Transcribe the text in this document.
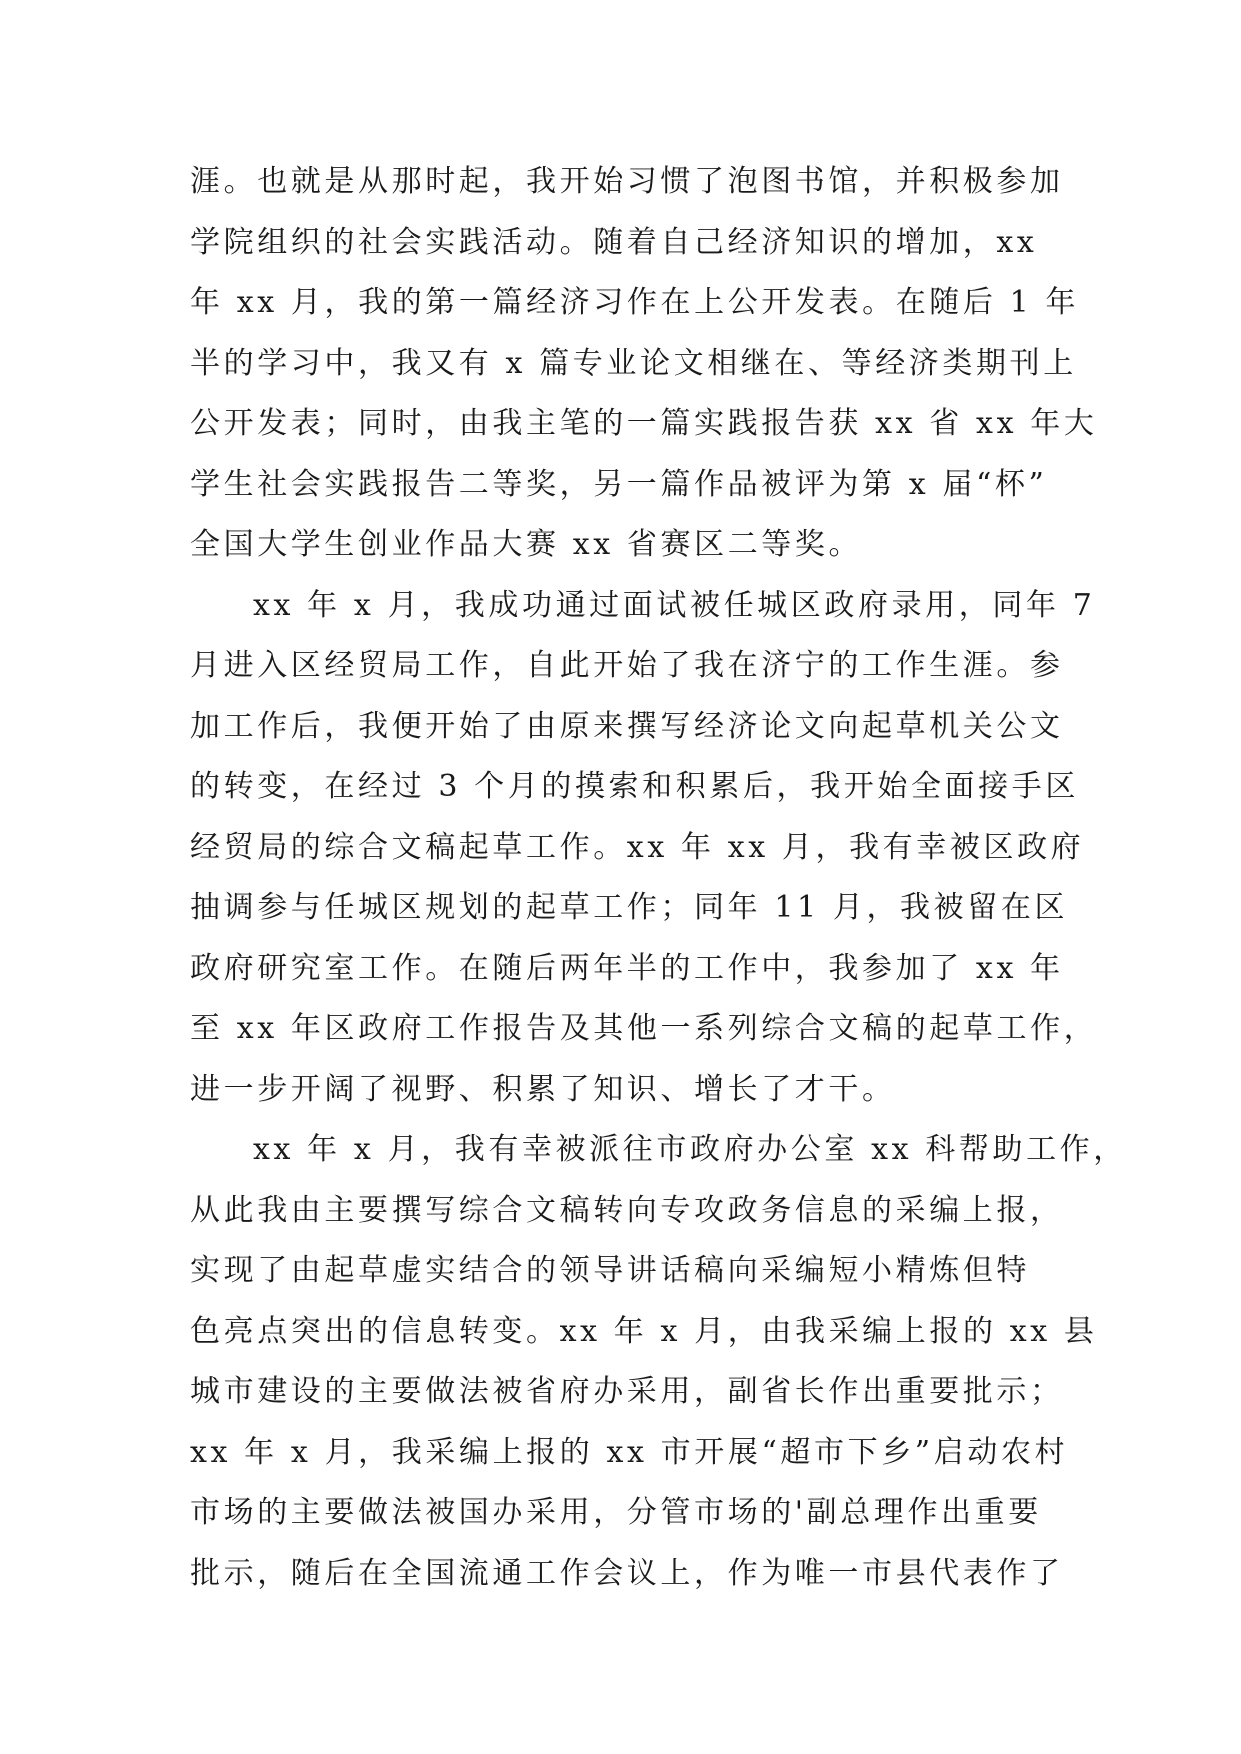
涯。也就是从那时起，我开始习惯了泡图书馆，并积极参加
学院组织的社会实践活动。随着自己经济知识的增加，xx
年 xx 月，我的第一篇经济习作在上公开发表。在随后 1 年
半的学习中，我又有 x 篇专业论文相继在、等经济类期刊上
公开发表；同时，由我主笔的一篇实践报告获 xx 省 xx 年大
学生社会实践报告二等奖，另一篇作品被评为第 x 届“杯”
全国大学生创业作品大赛 xx 省赛区二等奖。
xx 年 x 月，我成功通过面试被任城区政府录用，同年 7
月进入区经贸局工作，自此开始了我在济宁的工作生涯。参
加工作后，我便开始了由原来撰写经济论文向起草机关公文
的转变，在经过 3 个月的摸索和积累后，我开始全面接手区
经贸局的综合文稿起草工作。xx 年 xx 月，我有幸被区政府
抽调参与任城区规划的起草工作；同年 11 月，我被留在区
政府研究室工作。在随后两年半的工作中，我参加了 xx 年
至 xx 年区政府工作报告及其他一系列综合文稿的起草工作，
进一步开阔了视野、积累了知识、增长了才干。
xx 年 x 月，我有幸被派往市政府办公室 xx 科帮助工作，
从此我由主要撰写综合文稿转向专攻政务信息的采编上报，
实现了由起草虚实结合的领导讲话稿向采编短小精炼但特
色亮点突出的信息转变。xx 年 x 月，由我采编上报的 xx 县
城市建设的主要做法被省府办采用，副省长作出重要批示；
xx 年 x 月，我采编上报的 xx 市开展“超市下乡”启动农村
市场的主要做法被国办采用，分管市场的'副总理作出重要
批示，随后在全国流通工作会议上，作为唯一市县代表作了
